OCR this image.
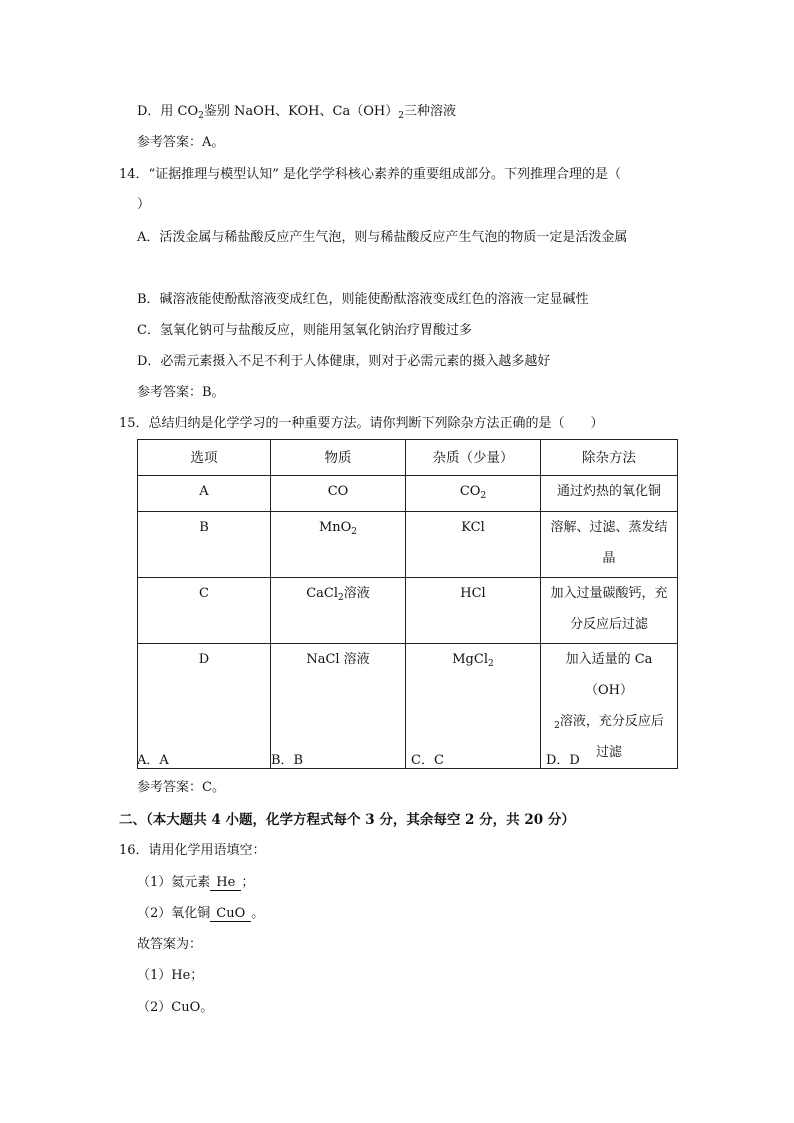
D．用 $CO_2$鉴别 NaOH、KOH、$Ca(OH)_2$三种溶液
参考答案：A。
14．“证据推理与模型认知” 是化学学科核心素养的重要组成部分。下列推理合理的是（
）
A．活泼金属与稀盐酸反应产生气泡，则与稀盐酸反应产生气泡的物质一定是活泼金属
B．碱溶液能使酚酞溶液变成红色，则能使酚酞溶液变成红色的溶液一定显碱性
C．氢氧化钠可与盐酸反应，则能用氢氧化钠治疗胃酸过多
D．必需元素摄入不足不利于人体健康，则对于必需元素的摄入越多越好
参考答案：B。
15．总结归纳是化学学习的一种重要方法。请你判断下列除杂方法正确的是（　　）
选项	物质	杂质（少量）	除杂方法
A	CO	$CO_2$	通过灼热的氧化铜
B	MnO$_2$	KCl	溶解、过滤、蒸发结
晶
C	CaCl$_2$溶液	HCl	加入过量碳酸钙，充
分反应后过滤
D	NaCl 溶液	MgCl$_2$	加入适量的 Ca（OH）
$_2$溶液，充分反应后
过滤
A．A	B．B	C．C	D．D
参考答案：C。
二、（本大题共 4 小题，化学方程式每个 3 分，其余每空 2 分，共 20 分）
16．请用化学用语填空：
（1）氦元素 He ；
（2）氧化铜 CuO 。
故答案为：
（1）He；
（2）CuO。
